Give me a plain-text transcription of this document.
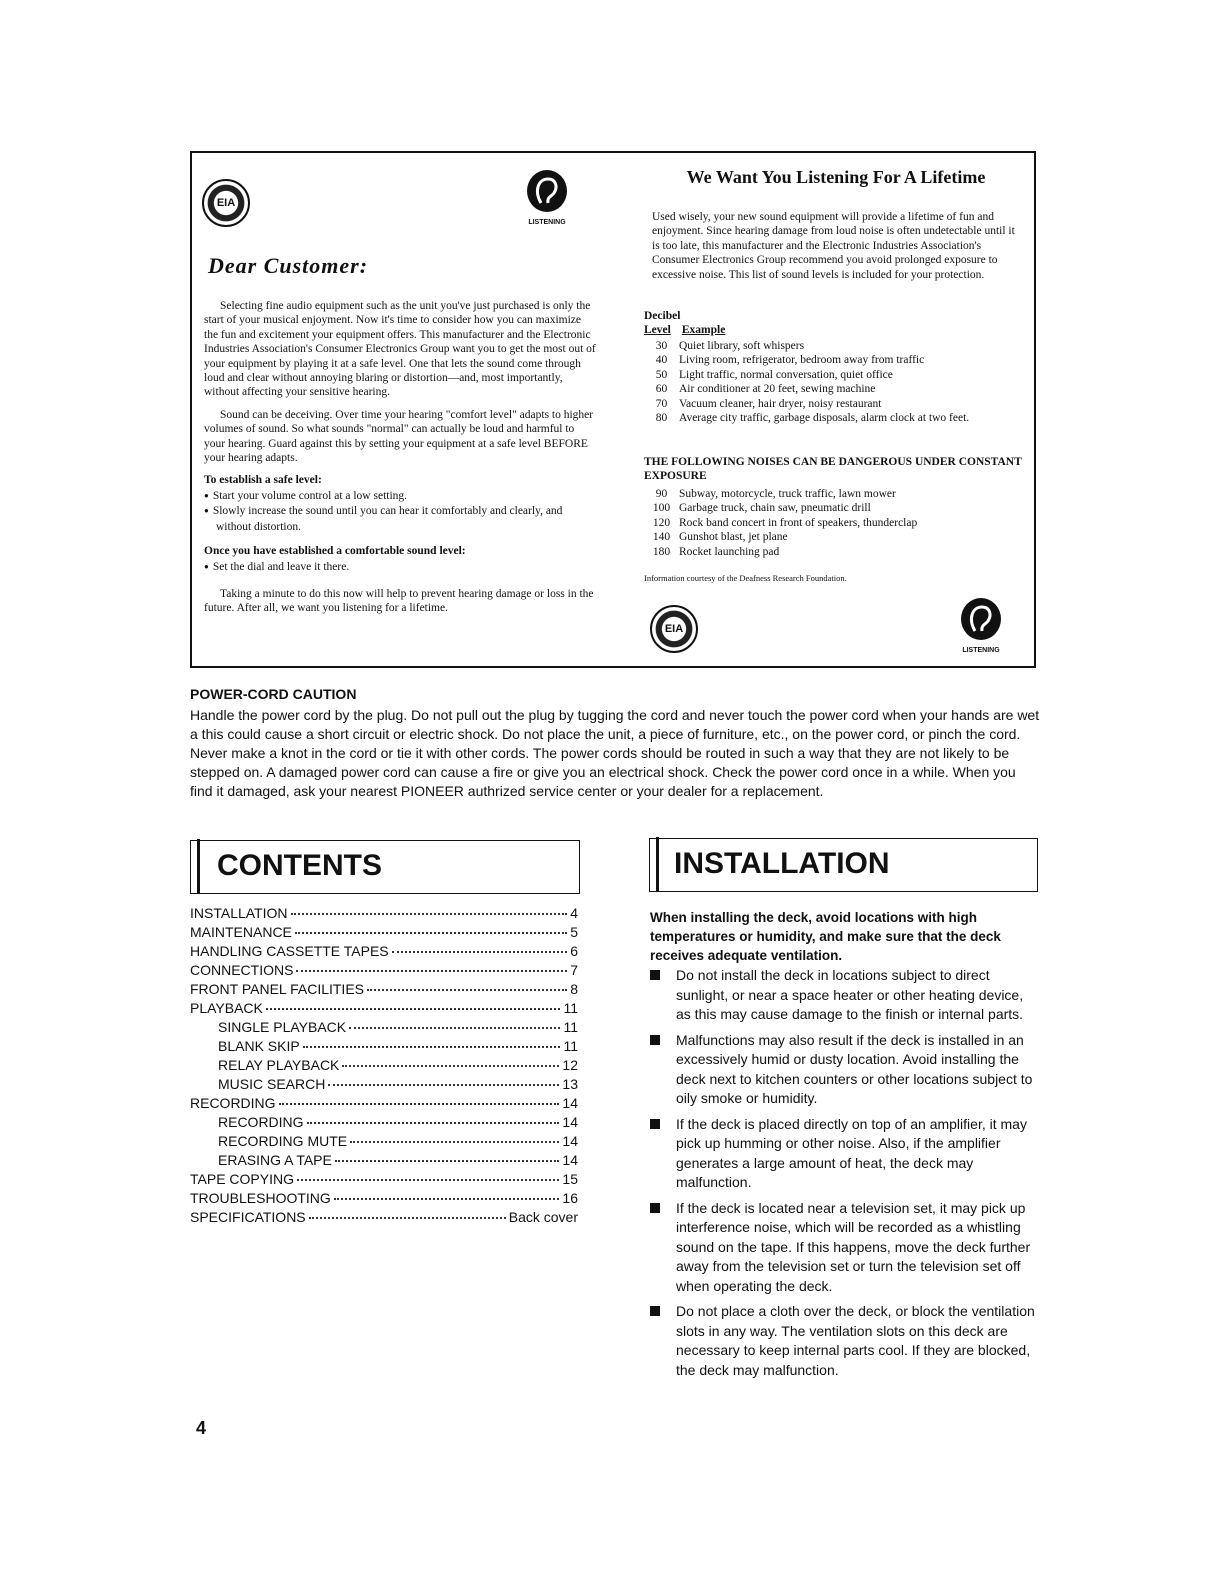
EIA
LISTENING
Dear Customer:

Selecting fine audio equipment such as the unit you've just purchased is only the start of your musical enjoyment. Now it's time to consider how you can maximize the fun and excitement your equipment offers. This manufacturer and the Electronic Industries Association's Consumer Electronics Group want you to get the most out of your equipment by playing it at a safe level. One that lets the sound come through loud and clear without annoying blaring or distortion—and, most importantly, without affecting your sensitive hearing.

Sound can be deceiving. Over time your hearing "comfort level" adapts to higher volumes of sound. So what sounds "normal" can actually be loud and harmful to your hearing. Guard against this by setting your equipment at a safe level BEFORE your hearing adapts.

To establish a safe level:

● Start your volume control at a low setting.
● Slowly increase the sound until you can hear it comfortably and clearly, and without distortion.

Once you have established a comfortable sound level:

● Set the dial and leave it there.

Taking a minute to do this now will help to prevent hearing damage or loss in the future. After all, we want you listening for a lifetime.

We Want You Listening For A Lifetime

Used wisely, your new sound equipment will provide a lifetime of fun and enjoyment. Since hearing damage from loud noise is often undetectable until it is too late, this manufacturer and the Electronic Industries Association's Consumer Electronics Group recommend you avoid prolonged exposure to excessive noise. This list of sound levels is included for your protection.

Decibel
Level Example
30	Quiet library, soft whispers
40	Living room, refrigerator, bedroom away from traffic
50	Light traffic, normal conversation, quiet office
60	Air conditioner at 20 feet, sewing machine
70	Vacuum cleaner, hair dryer, noisy restaurant
80	Average city traffic, garbage disposals, alarm clock at two feet.
THE FOLLOWING NOISES CAN BE DANGEROUS UNDER CONSTANT EXPOSURE
90	Subway, motorcycle, truck traffic, lawn mower
100	Garbage truck, chain saw, pneumatic drill
120	Rock band concert in front of speakers, thunderclap
140	Gunshot blast, jet plane
180	Rocket launching pad
Information courtesy of the Deafness Research Foundation.
EIA
LISTENING
POWER-CORD CAUTION

Handle the power cord by the plug. Do not pull out the plug by tugging the cord and never touch the power cord when your hands are wet a this could cause a short circuit or electric shock. Do not place the unit, a piece of furniture, etc., on the power cord, or pinch the cord. Never make a knot in the cord or tie it with other cords. The power cords should be routed in such a way that they are not likely to be stepped on. A damaged power cord can cause a fire or give you an electrical shock. Check the power cord once in a while. When you find it damaged, ask your nearest PIONEER authrized service center or your dealer for a replacement.

CONTENTS
INSTALLATION	4
MAINTENANCE	5
HANDLING CASSETTE TAPES	6
CONNECTIONS	7
FRONT PANEL FACILITIES	8
PLAYBACK	11
SINGLE PLAYBACK	11
BLANK SKIP	11
RELAY PLAYBACK	12
MUSIC SEARCH	13
RECORDING	14
RECORDING	14
RECORDING MUTE	14
ERASING A TAPE	14
TAPE COPYING	15
TROUBLESHOOTING	16
SPECIFICATIONS	Back cover
INSTALLATION

When installing the deck, avoid locations with high temperatures or humidity, and make sure that the deck receives adequate ventilation.

Do not install the deck in locations subject to direct sunlight, or near a space heater or other heating device, as this may cause damage to the finish or internal parts.
Malfunctions may also result if the deck is installed in an excessively humid or dusty location. Avoid installing the deck next to kitchen counters or other locations subject to oily smoke or humidity.
If the deck is placed directly on top of an amplifier, it may pick up humming or other noise. Also, if the amplifier generates a large amount of heat, the deck may malfunction.
If the deck is located near a television set, it may pick up interference noise, which will be recorded as a whistling sound on the tape. If this happens, move the deck further away from the television set or turn the television set off when operating the deck.
Do not place a cloth over the deck, or block the ventilation slots in any way. The ventilation slots on this deck are necessary to keep internal parts cool. If they are blocked, the deck may malfunction.
4
